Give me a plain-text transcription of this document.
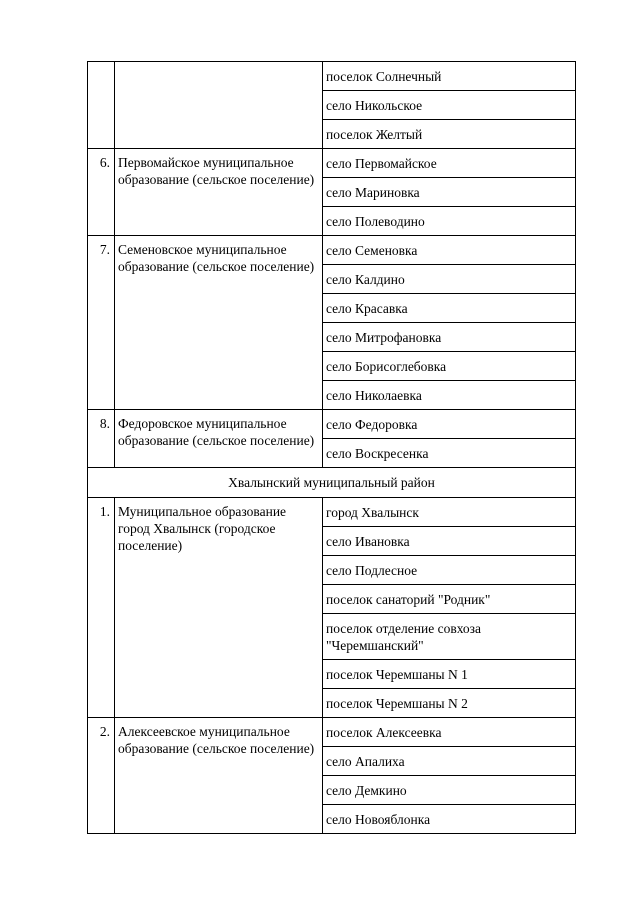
		поселок Солнечный

		село Никольское

		поселок Желтый

6.	Первомайское муниципальное образование (сельское поселение)	село Первомайское

		село Мариновка

		село Полеводино

7.	Семеновское муниципальное образование (сельское поселение)	село Семеновка

		село Калдино

		село Красавка

		село Митрофановка

		село Борисоглебовка

		село Николаевка

8.	Федоровское муниципальное образование (сельское поселение)	село Федоровка

		село Воскресенка

Хвалынский муниципальный район		
1.	Муниципальное образование город Хвалынск (городское поселение)	город Хвалынск

		село Ивановка

		село Подлесное

		поселок санаторий "Родник"

		поселок отделение совхоза "Черемшанский"

		поселок Черемшаны N 1

		поселок Черемшаны N 2

2.	Алексеевское муниципальное образование (сельское поселение)	поселок Алексеевка

		село Апалиха

		село Демкино

		село Новояблонка
